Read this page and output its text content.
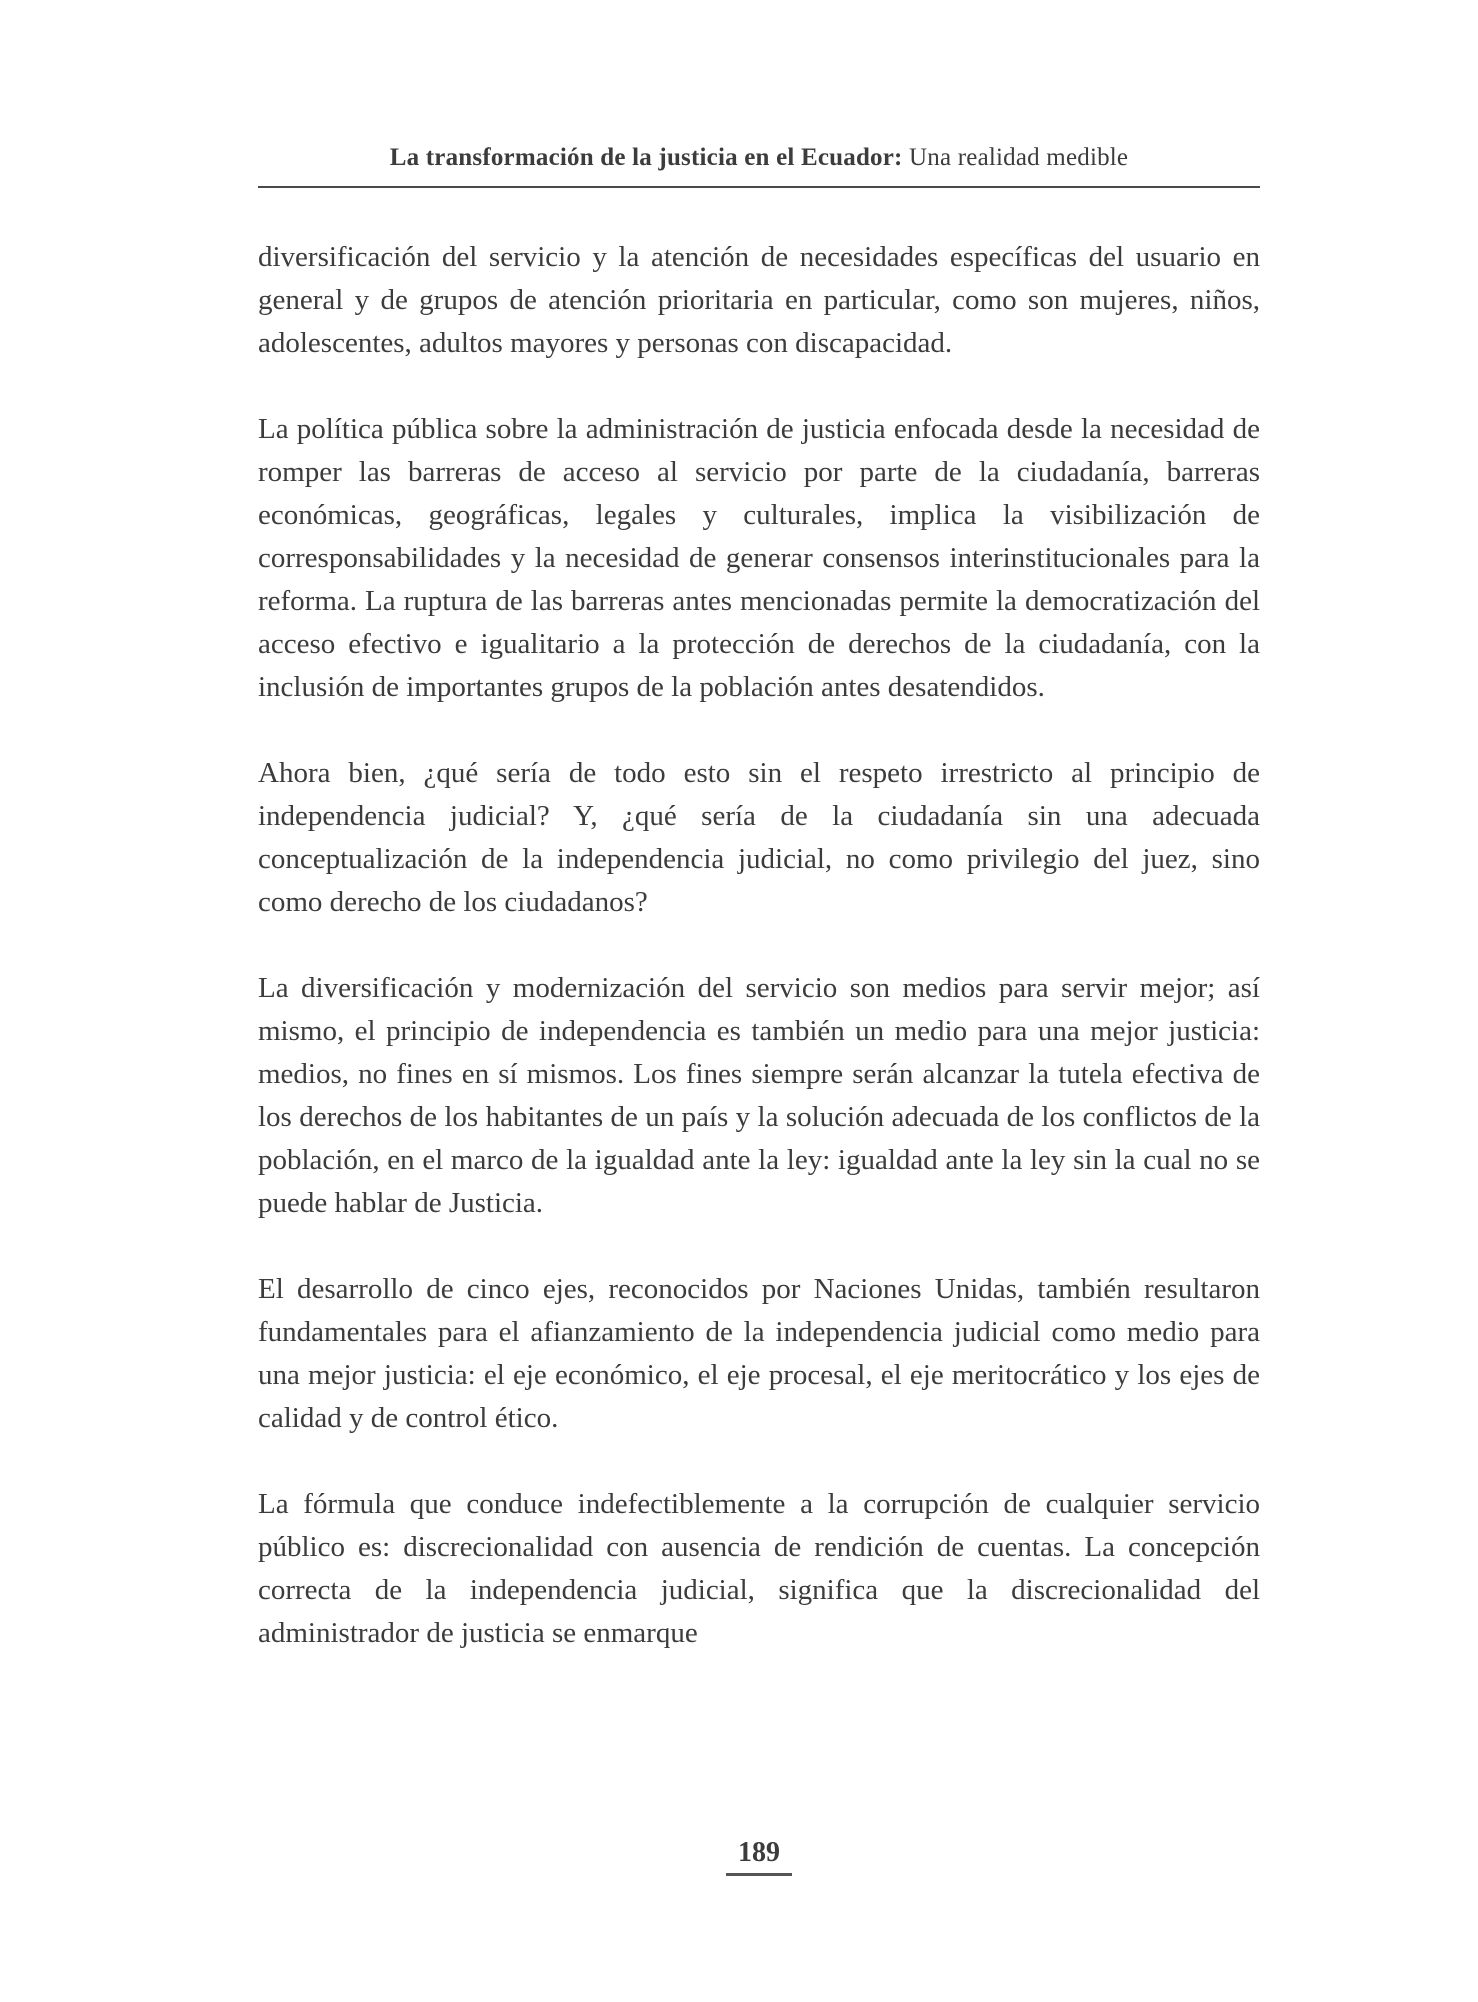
La transformación de la justicia en el Ecuador: Una realidad medible

diversificación del servicio y la atención de necesidades específicas del usuario en general y de grupos de atención prioritaria en particular, como son mujeres, niños, adolescentes, adultos mayores y personas con discapacidad.

La política pública sobre la administración de justicia enfocada desde la necesidad de romper las barreras de acceso al servicio por parte de la ciudadanía, barreras económicas, geográficas, legales y culturales, implica la visibilización de corresponsabilidades y la necesidad de generar consensos interinstitucionales para la reforma. La ruptura de las barreras antes mencionadas permite la democratización del acceso efectivo e igualitario a la protección de derechos de la ciudadanía, con la inclusión de importantes grupos de la población antes desatendidos.

Ahora bien, ¿qué sería de todo esto sin el respeto irrestricto al principio de independencia judicial? Y, ¿qué sería de la ciudadanía sin una adecuada conceptualización de la independencia judicial, no como privilegio del juez, sino como derecho de los ciudadanos?

La diversificación y modernización del servicio son medios para servir mejor; así mismo, el principio de independencia es también un medio para una mejor justicia: medios, no fines en sí mismos. Los fines siempre serán alcanzar la tutela efectiva de los derechos de los habitantes de un país y la solución adecuada de los conflictos de la población, en el marco de la igualdad ante la ley: igualdad ante la ley sin la cual no se puede hablar de Justicia.

El desarrollo de cinco ejes, reconocidos por Naciones Unidas, también resultaron fundamentales para el afianzamiento de la independencia judicial como medio para una mejor justicia: el eje económico, el eje procesal, el eje meritocrático y los ejes de calidad y de control ético.

La fórmula que conduce indefectiblemente a la corrupción de cualquier servicio público es: discrecionalidad con ausencia de rendición de cuentas. La concepción correcta de la independencia judicial, significa que la discrecionalidad del administrador de justicia se enmarque

189
